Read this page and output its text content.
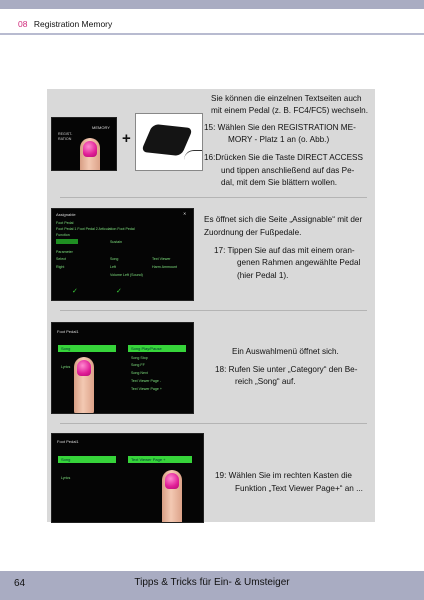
08 Registration Memory
MEMORY
REGIST-
RATION	+
Sie können die einzelnen Textseiten auch
mit einem Pedal (z. B. FC4/FC5) wechseln.
15: Wählen Sie den REGISTRATION ME-
MORY - Platz 1 an (o. Abb.)
16:Drücken Sie die Taste DIRECT ACCESS
und tippen anschließend auf das Pe-
dal, mit dem Sie blättern wollen.
Assignable	✕
Foot Pedal
Foot Pedal 1 Foot Pedal 2 Articulation Foot Pedal
Function
Sustain
Parameter
Select	Song	Text Viewer
Right	Left	Harm Ammount
Volume Left (Sound)
✓	✓
Es öffnet sich die Seite „Assignable“ mit der
Zuordnung der Fußpedale.
17: Tippen Sie auf das mit einem oran-
genen Rahmen angewählte Pedal
(hier Pedal 1).
Foot Pedal1
Song
Lyrics
Song Play/Pause
Song Stop
Song FF
Song Next
Text Viewer Page -
Text Viewer Page +
Ein Auswahlmenü öffnet sich.
18: Rufen Sie unter „Category“ den Be-
reich „Song“ auf.
Foot Pedal1
Song
Lyrics
Text Viewer Page +
19: Wählen Sie im rechten Kasten die
Funktion „Text Viewer Page+“ an ...
64	Tipps & Tricks für Ein- & Umsteiger
